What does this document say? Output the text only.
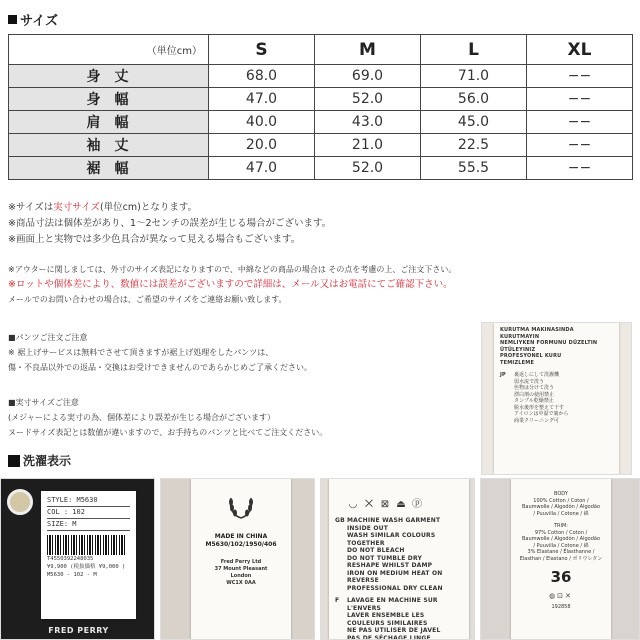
サイズ
（単位cm）	S	M	L	XL
身丈	68.0	69.0	71.0	−−
身幅	47.0	52.0	56.0	−−
肩幅	40.0	43.0	45.0	−−
袖丈	20.0	21.0	22.5	−−
裾幅	47.0	52.0	55.5	−−
※サイズは実寸サイズ(単位cm)となります。
※商品寸法は個体差があり、1〜2センチの誤差が生じる場合がございます。
※画面上と実物では多少色具合が異なって見える場合もございます。
※アウターに関しましては、外寸のサイズ表記になりますので、中綿などの商品の場合は その点を考慮の上、ご注文下さい。
※ロットや個体差により、数値には誤差がございますので詳細は、メール又はお電話にてご確認下さい。
メールでのお問い合わせの場合は、ご希望のサイズをご連絡お願い致します。
■パンツご注文ご注意
※ 裾上げサービスは無料でさせて頂きますが裾上げ処理をしたパンツは、
傷・不良品以外での返品・交換はお受けできませんのであらかじめご了承ください。
■実寸サイズご注意
(メジャーによる実寸の為、個体差により誤差が生じる場合がございます）
ヌードサイズ表記とは数値が違いますので、お手持ちのパンツと比べてご注文ください。
KURUTMA MAKINASINDA
KURUTMAYIN
NEMLIYKEN FORMUNU DÜZELTIN
ÜTÜLEYINIZ
PROFESYONEL KURU
TEMIZLEME
JP	裏返しにして洗濯機
弱水流で洗う
色物は分けて洗う
漂白剤の使用禁止
タンブル乾燥禁止
脱水後形を整えて干す
アイロンは中温で裏から
商業クリーニング可
洗濯表示
STYLE: M5630
COL : 102
SIZE: M
T4550392248035
¥9,900 (税抜価格 ¥9,000 )
M5630 - 102 - M
FRED PERRY
MADE IN CHINA
M5630/102/1950/406
Fred Perry Ltd
37 Mount Pleasant
London
WC1X 0AA
◡ ⨉ ⊠ ⏏ ⓟ
GB MACHINE WASH GARMENT
INSIDE OUT
WASH SIMILAR COLOURS
TOGETHER
DO NOT BLEACH
DO NOT TUMBLE DRY
RESHAPE WHILST DAMP
IRON ON MEDIUM HEAT ON
REVERSE
PROFESSIONAL DRY CLEAN
F	LAVAGE EN MACHINE SUR
L'ENVERS
LAVER ENSEMBLE LES
COULEURS SIMILAIRES
NE PAS UTILISER DE JAVEL
PAS DE SÉCHAGE LINGE
BODY
100% Cotton / Coton /
Baumwolle / Algodón / Algodão
/ Puuvilla / Cotone / 綿
TRIM:
97% Cotton / Coton /
Baumwolle / Algodón / Algodão
/ Puuvilla / Cotone / 綿
3% Elastane / Élasthanne /
Elasthan / Elastano / ポリウレタン
36
◍⊡✕
192858
